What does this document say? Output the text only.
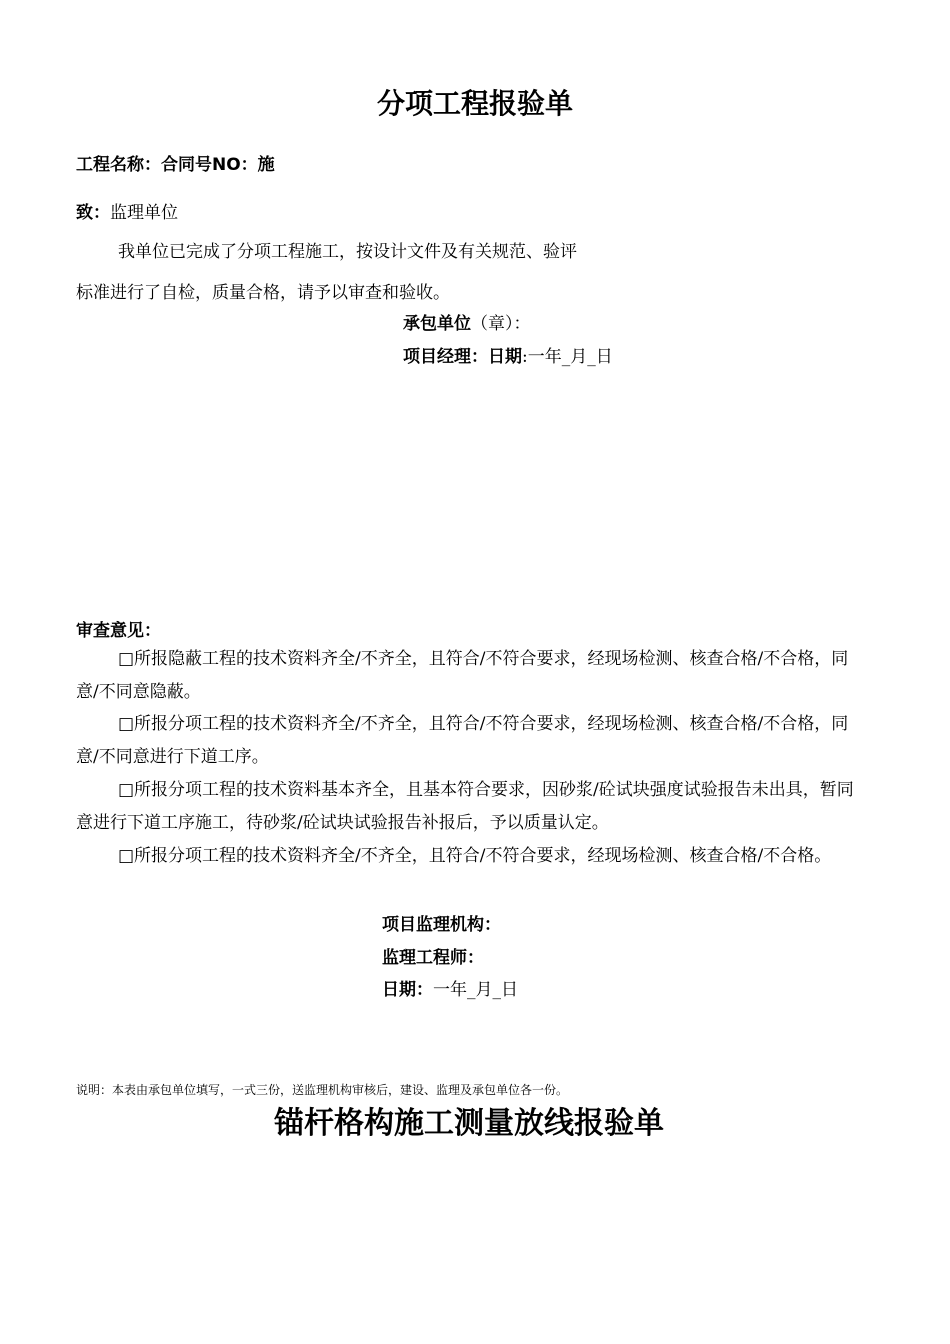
分项工程报验单
工程名称：合同号NO：施
致：监理单位
我单位已完成了分项工程施工，按设计文件及有关规范、验评
标准进行了自检，质量合格，请予以审查和验收。
承包单位（章）：
项目经理：日期:一年_月_日
审查意见：
□所报隐蔽工程的技术资料齐全/不齐全，且符合/不符合要求，经现场检测、核查合格/不合格，同意/不同意隐蔽。
□所报分项工程的技术资料齐全/不齐全，且符合/不符合要求，经现场检测、核查合格/不合格，同意/不同意进行下道工序。
□所报分项工程的技术资料基本齐全，且基本符合要求，因砂浆/砼试块强度试验报告未出具，暂同意进行下道工序施工，待砂浆/砼试块试验报告补报后，予以质量认定。
□所报分项工程的技术资料齐全/不齐全，且符合/不符合要求，经现场检测、核查合格/不合格。
项目监理机构：
监理工程师：
日期：一年_月_日
说明：本表由承包单位填写，一式三份，送监理机构审核后，建设、监理及承包单位各一份。
锚杆格构施工测量放线报验单
